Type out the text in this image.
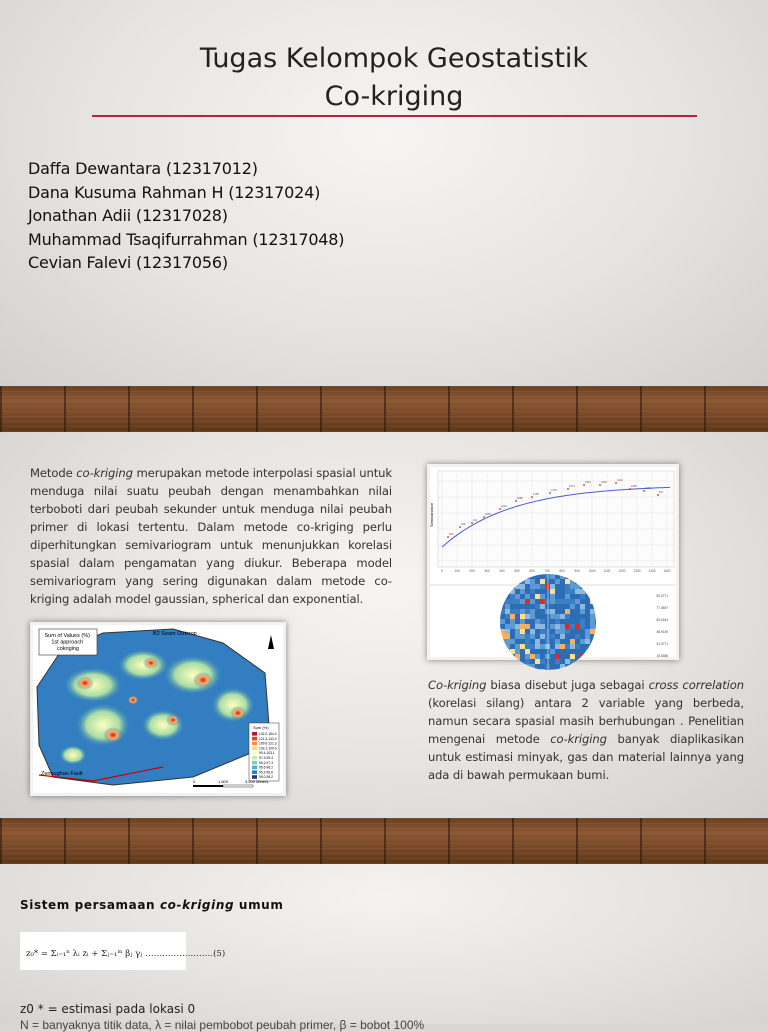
Tugas Kelompok Geostatistik
Co-kriging
Daffa Dewantara (12317012)
Dana Kusuma Rahman H (12317024)
Jonathan Adii (12317028)
Muhammad Tsaqifurrahman (12317048)
Cevian Falevi (12317056)

Metode co-kriging merupakan metode interpolasi spasial untuk menduga nilai suatu peubah dengan menambahkan nilai terboboti dari peubah sekunder untuk menduga nilai peubah primer di lokasi tertentu. Dalam metode co-kriging perlu diperhitungkan semivariogram untuk menunjukkan korelasi spasial dalam pengamatan yang diukur. Beberapa model semivariogram yang sering digunakan dalam metode co-kriging adalah model gaussian, spherical dan exponential.

Sum of Values (%) 1st approach cokriging
B2 Seam Outcrop
Zenoughan Fault
Sum (%)
142.0-184.4
121.3-142.0
109.6-121.3
103.1-109.6
99.4-103.1
97.3-99.4
96.2-97.3
95.6-96.2
95.2-95.6
95.0-95.2
0	1,600	3,200 Meters
300
400
411
1046
1213
2082
1765
2178
2271
2319	2246
1912
1658
1230
817
0	100	200	300	400	500	600	700	800	900	1000	1100	1200 1300 1400 1500
Semivariance
83.3771
77.0657
62.1644
46.9149
31.3771
15.6386

Co-kriging biasa disebut juga sebagai cross correlation (korelasi silang) antara 2 variable yang berbeda, namun secara spasial masih berhubungan . Penelitian mengenai metode co-kriging banyak diaplikasikan untuk estimasi minyak, gas dan material lainnya yang ada di bawah permukaan bumi.

Sistem persamaan co-kriging umum
z₀* = Σᵢ₌₁ⁿ λᵢ zᵢ + Σⱼ₌₁ᵐ βⱼ γⱼ ……………………(5)
z0 * = estimasi pada lokasi 0
N = banyaknya titik data, λ = nilai pembobot peubah primer, β = bobot 100%
